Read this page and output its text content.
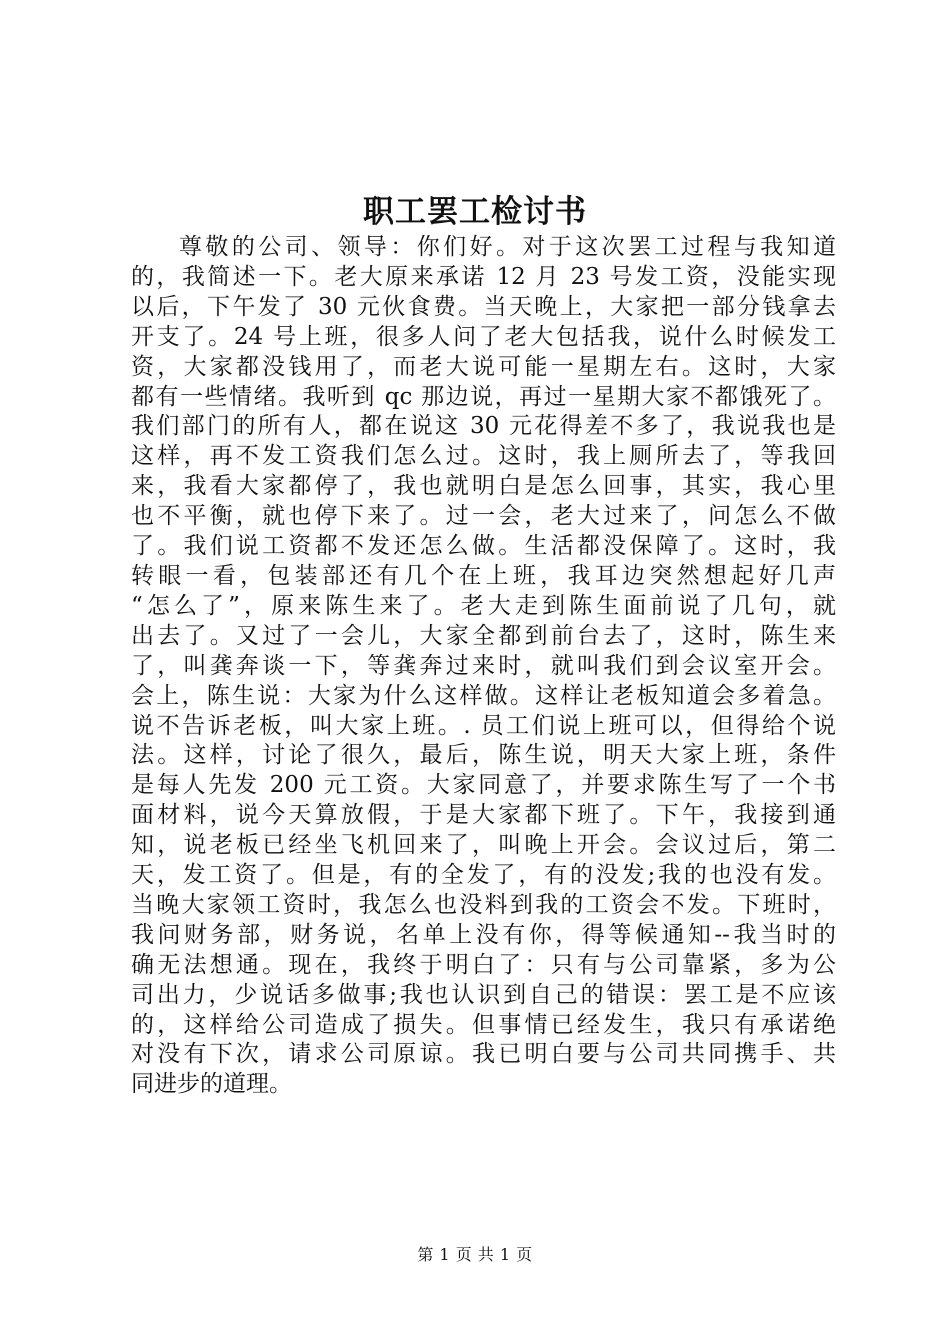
职工罢工检讨书
尊敬的公司、领导：你们好。对于这次罢工过程与我知道
的，我简述一下。老大原来承诺 12 月 23 号发工资，没能实现
以后，下午发了 30 元伙食费。当天晚上，大家把一部分钱拿去
开支了。24 号上班，很多人问了老大包括我，说什么时候发工
资，大家都没钱用了，而老大说可能一星期左右。这时，大家
都有一些情绪。我听到 qc 那边说，再过一星期大家不都饿死了。
我们部门的所有人，都在说这 30 元花得差不多了，我说我也是
这样，再不发工资我们怎么过。这时，我上厕所去了，等我回
来，我看大家都停了，我也就明白是怎么回事，其实，我心里
也不平衡，就也停下来了。过一会，老大过来了，问怎么不做
了。我们说工资都不发还怎么做。生活都没保障了。这时，我
转眼一看，包装部还有几个在上班，我耳边突然想起好几声
“怎么了”，原来陈生来了。老大走到陈生面前说了几句，就
出去了。又过了一会儿，大家全都到前台去了，这时，陈生来
了，叫龚奔谈一下，等龚奔过来时，就叫我们到会议室开会。
会上，陈生说：大家为什么这样做。这样让老板知道会多着急。
说不告诉老板，叫大家上班。. 员工们说上班可以，但得给个说
法。这样，讨论了很久，最后，陈生说，明天大家上班，条件
是每人先发 200 元工资。大家同意了，并要求陈生写了一个书
面材料，说今天算放假，于是大家都下班了。下午，我接到通
知，说老板已经坐飞机回来了，叫晚上开会。会议过后，第二
天，发工资了。但是，有的全发了，有的没发;我的也没有发。
当晚大家领工资时，我怎么也没料到我的工资会不发。下班时，
我问财务部，财务说，名单上没有你，得等候通知--我当时的
确无法想通。现在，我终于明白了：只有与公司靠紧，多为公
司出力，少说话多做事;我也认识到自己的错误：罢工是不应该
的，这样给公司造成了损失。但事情已经发生，我只有承诺绝
对没有下次，请求公司原谅。我已明白要与公司共同携手、共
同进步的道理。
第 1 页 共 1 页
